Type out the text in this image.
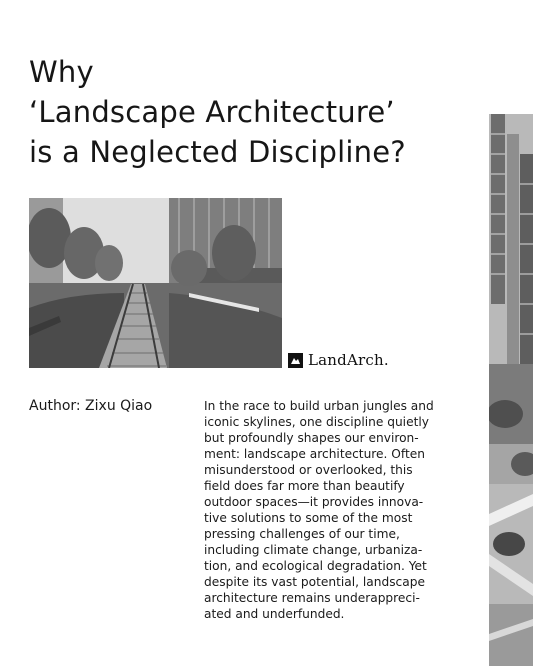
Why
‘Landscape Architecture’
is a Neglected Discipline?
LandArch.
Author: Zixu Qiao	In the race to build urban jungles and
iconic skylines, one discipline quietly
but profoundly shapes our environ-
ment: landscape architecture. Often
misunderstood or overlooked, this
field does far more than beautify
outdoor spaces—it provides innova-
tive solutions to some of the most
pressing challenges of our time,
including climate change, urbaniza-
tion, and ecological degradation. Yet
despite its vast potential, landscape
architecture remains underappreci-
ated and underfunded.
